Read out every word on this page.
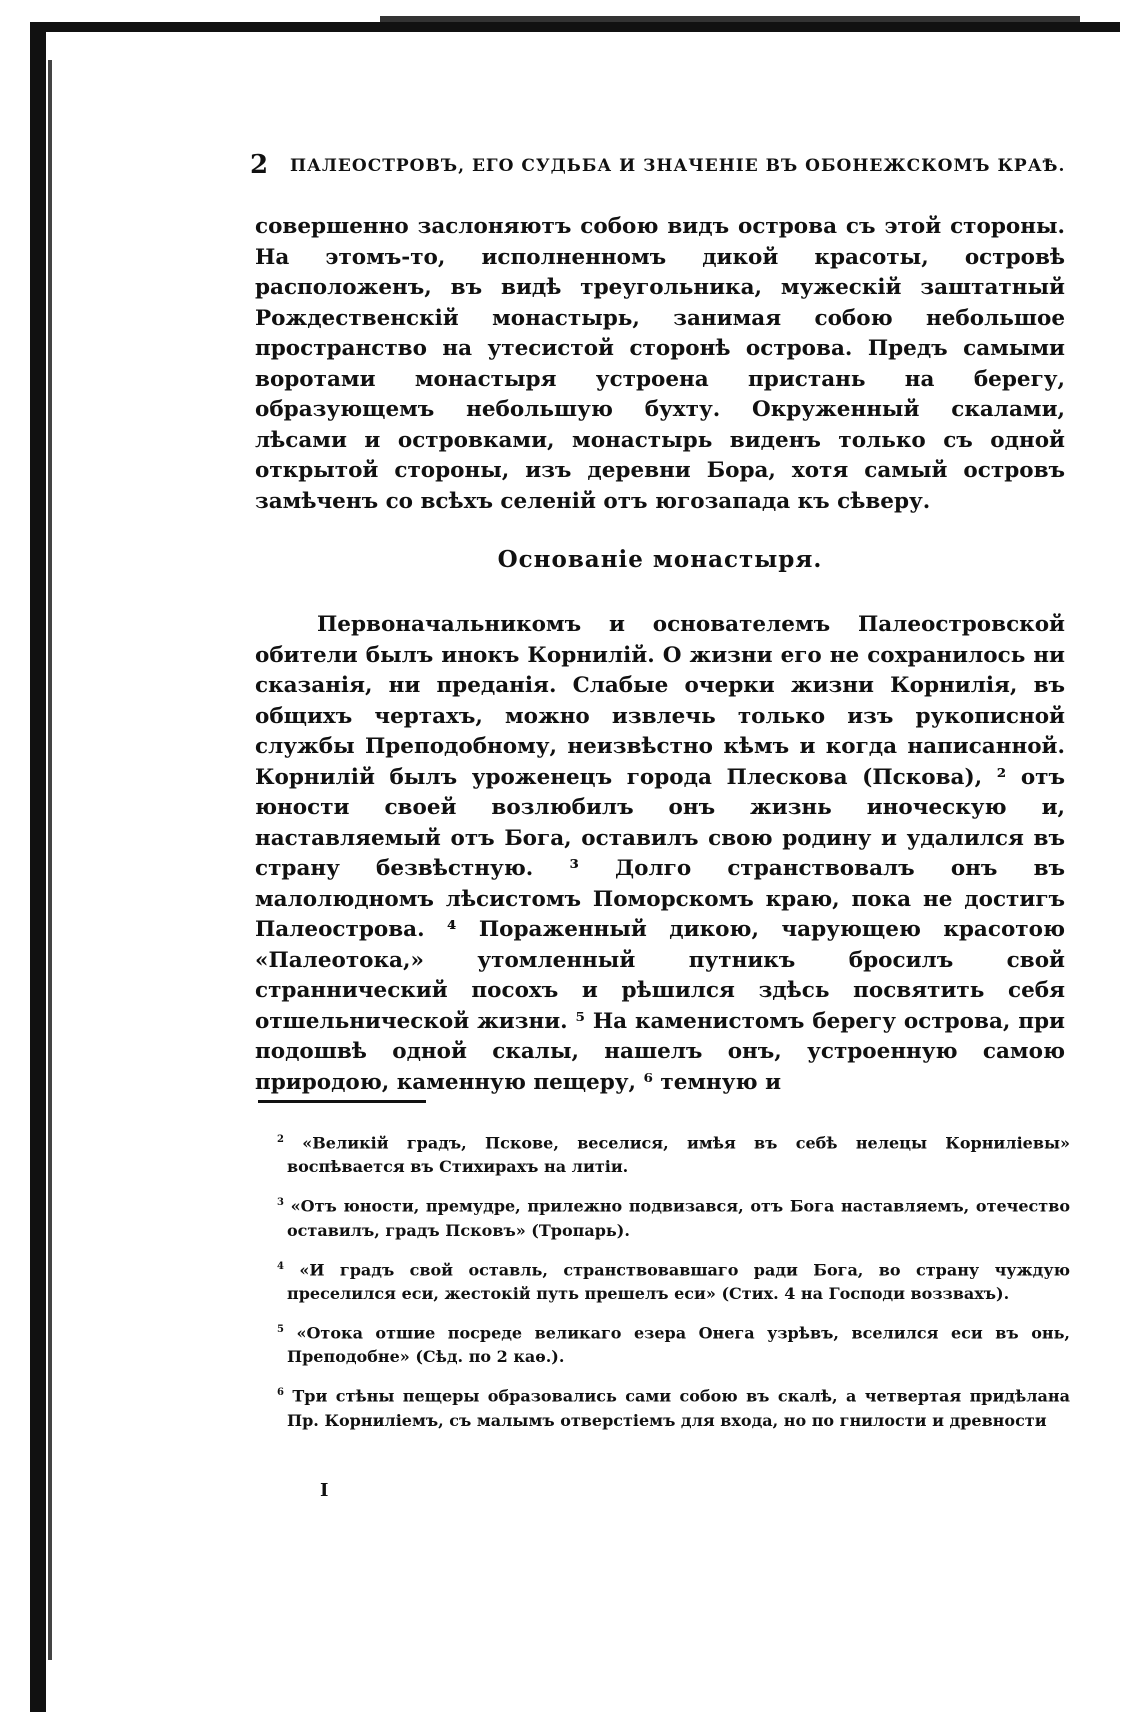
2 ПАЛЕОСТРОВЪ, ЕГО СУДЬБА И ЗНАЧЕНІЕ ВЪ ОБОНЕЖСКОМЪ КРАѢ.
совершенно заслоняютъ собою видъ острова съ этой стороны. На этомъ-то, исполненномъ дикой красоты, островѣ расположенъ, въ видѣ треугольника, мужескій заштатный Рождественскій монастырь, занимая собою небольшое пространство на утесистой сторонѣ острова. Предъ самыми воротами монастыря устроена пристань на берегу, образующемъ небольшую бухту. Окруженный скалами, лѣсами и островками, монастырь виденъ только съ одной открытой стороны, изъ деревни Бора, хотя самый островъ замѣченъ со всѣхъ селеній отъ югозапада къ сѣверу.
Основаніе монастыря.
Первоначальникомъ и основателемъ Палеостровской обители былъ инокъ Корнилій. О жизни его не сохранилось ни сказанія, ни преданія. Слабые очерки жизни Корнилія, въ общихъ чертахъ, можно извлечь только изъ рукописной службы Преподобному, неизвѣстно кѣмъ и когда написанной. Корнилій былъ уроженецъ города Плескова (Пскова), ² отъ юности своей возлюбилъ онъ жизнь иноческую и, наставляемый отъ Бога, оставилъ свою родину и удалился въ страну безвѣстную. ³ Долго странствовалъ онъ въ малолюдномъ лѣсистомъ Поморскомъ краю, пока не достигъ Палеострова. ⁴ Пораженный дикою, чарующею красотою «Палеотока,» утомленный путникъ бросилъ свой страннический посохъ и рѣшился здѣсь посвятить себя отшельнической жизни. ⁵ На каменистомъ берегу острова, при подошвѣ одной скалы, нашелъ онъ, устроенную самою природою, каменную пещеру, ⁶ темную и

$^2$ «Великій градъ, Псковe, веселися, имѣя въ себѣ нелецы Корниліевы» воспѣвается въ Стихирахъ на литіи.

$^3$ «Отъ юности, премудре, прилежно подвизався, отъ Бога наставляемъ, отечество оставилъ, градъ Псковъ» (Тропарь).

$^4$ «И градъ свой оставль, странствовавшаго ради Бога, во страну чуждую преселился еси, жестокій путь прешелъ еси» (Стих. 4 на Господи воззвахъ).

$^5$ «Отока отшие посреде великаго езера Онега узрѣвъ, вселился еси въ онь, Преподобне» (Сѣд. по 2 каѳ.).

$^6$ Три стѣны пещеры образовались сами собою въ скалѣ, а четвертая придѣлана Пр. Корниліемъ, съ малымъ отверстіемъ для входа, но по гнилости и древности

І
